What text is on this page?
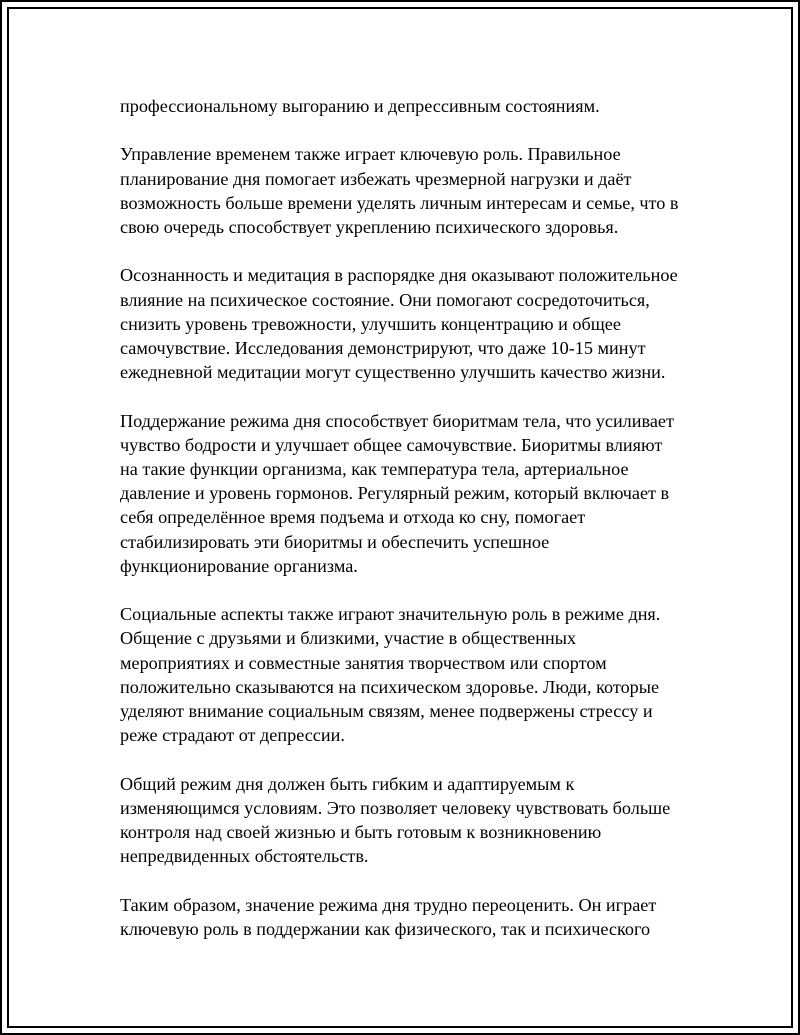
профессиональному выгоранию и депрессивным состояниям.

Управление временем также играет ключевую роль. Правильное
планирование дня помогает избежать чрезмерной нагрузки и даёт
возможность больше времени уделять личным интересам и семье, что в
свою очередь способствует укреплению психического здоровья.

Осознанность и медитация в распорядке дня оказывают положительное
влияние на психическое состояние. Они помогают сосредоточиться,
снизить уровень тревожности, улучшить концентрацию и общее
самочувствие. Исследования демонстрируют, что даже 10-15 минут
ежедневной медитации могут существенно улучшить качество жизни.

Поддержание режима дня способствует биоритмам тела, что усиливает
чувство бодрости и улучшает общее самочувствие. Биоритмы влияют
на такие функции организма, как температура тела, артериальное
давление и уровень гормонов. Регулярный режим, который включает в
себя определённое время подъема и отхода ко сну, помогает
стабилизировать эти биоритмы и обеспечить успешное
функционирование организма.

Социальные аспекты также играют значительную роль в режиме дня.
Общение с друзьями и близкими, участие в общественных
мероприятиях и совместные занятия творчеством или спортом
положительно сказываются на психическом здоровье. Люди, которые
уделяют внимание социальным связям, менее подвержены стрессу и
реже страдают от депрессии.

Общий режим дня должен быть гибким и адаптируемым к
изменяющимся условиям. Это позволяет человеку чувствовать больше
контроля над своей жизнью и быть готовым к возникновению
непредвиденных обстоятельств.

Таким образом, значение режима дня трудно переоценить. Он играет
ключевую роль в поддержании как физического, так и психического
